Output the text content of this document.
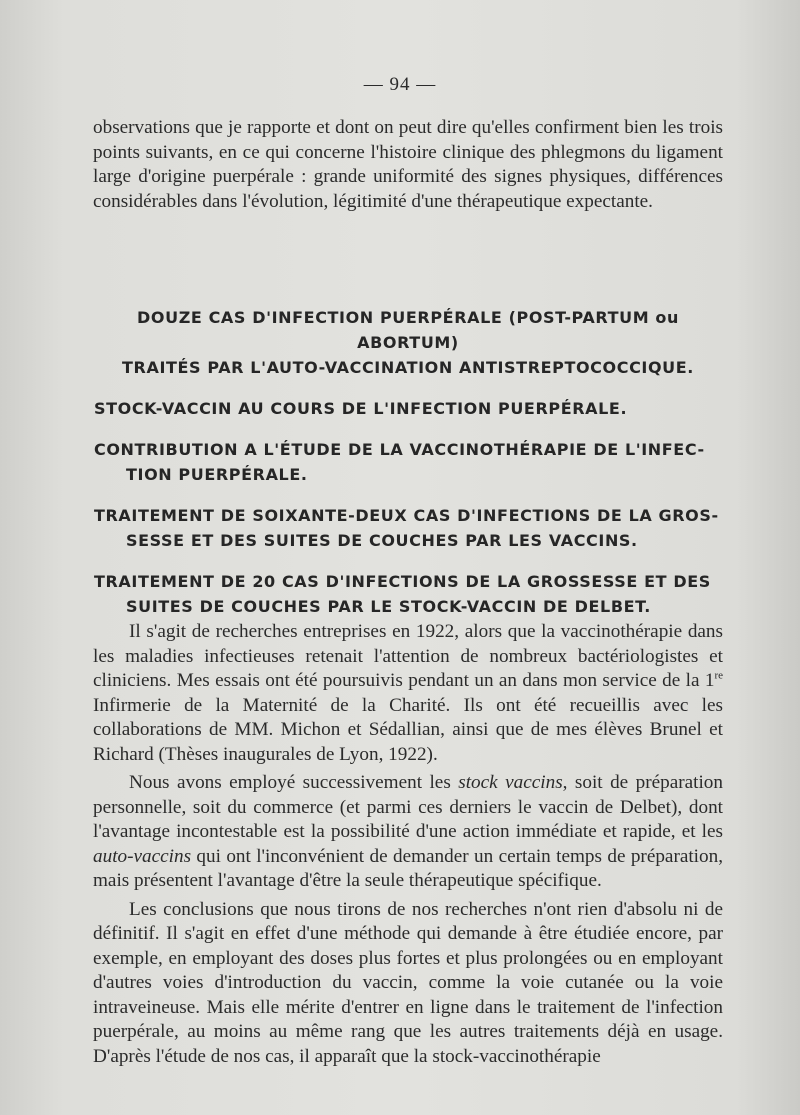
— 94 —

observations que je rapporte et dont on peut dire qu'elles confirment bien les trois points suivants, en ce qui concerne l'histoire clinique des phlegmons du ligament large d'origine puerpérale : grande uniformité des signes physiques, différences considérables dans l'évolution, légitimité d'une thérapeutique expectante.

DOUZE CAS D'INFECTION PUERPÉRALE (POST-PARTUM ou ABORTUM)
TRAITÉS PAR L'AUTO-VACCINATION ANTISTREPTOCOCCIQUE.
STOCK-VACCIN AU COURS DE L'INFECTION PUERPÉRALE.
CONTRIBUTION A L'ÉTUDE DE LA VACCINOTHÉRAPIE DE L'INFEC-
TION PUERPÉRALE.
TRAITEMENT DE SOIXANTE-DEUX CAS D'INFECTIONS DE LA GROS-
SESSE ET DES SUITES DE COUCHES PAR LES VACCINS.
TRAITEMENT DE 20 CAS D'INFECTIONS DE LA GROSSESSE ET DES
SUITES DE COUCHES PAR LE STOCK-VACCIN DE DELBET.

Il s'agit de recherches entreprises en 1922, alors que la vaccinothérapie dans les maladies infectieuses retenait l'attention de nombreux bactériologistes et cliniciens. Mes essais ont été poursuivis pendant un an dans mon service de la 1re Infirmerie de la Maternité de la Charité. Ils ont été recueillis avec les collaborations de MM. Michon et Sédallian, ainsi que de mes élèves Brunel et Richard (Thèses inaugurales de Lyon, 1922).

Nous avons employé successivement les stock vaccins, soit de préparation personnelle, soit du commerce (et parmi ces derniers le vaccin de Delbet), dont l'avantage incontestable est la possibilité d'une action immédiate et rapide, et les auto-vaccins qui ont l'inconvénient de demander un certain temps de préparation, mais présentent l'avantage d'être la seule thérapeutique spécifique.

Les conclusions que nous tirons de nos recherches n'ont rien d'absolu ni de définitif. Il s'agit en effet d'une méthode qui demande à être étudiée encore, par exemple, en employant des doses plus fortes et plus prolongées ou en employant d'autres voies d'introduction du vaccin, comme la voie cutanée ou la voie intraveineuse. Mais elle mérite d'entrer en ligne dans le traitement de l'infection puerpérale, au moins au même rang que les autres traitements déjà en usage. D'après l'étude de nos cas, il apparaît que la stock-vaccinothérapie
